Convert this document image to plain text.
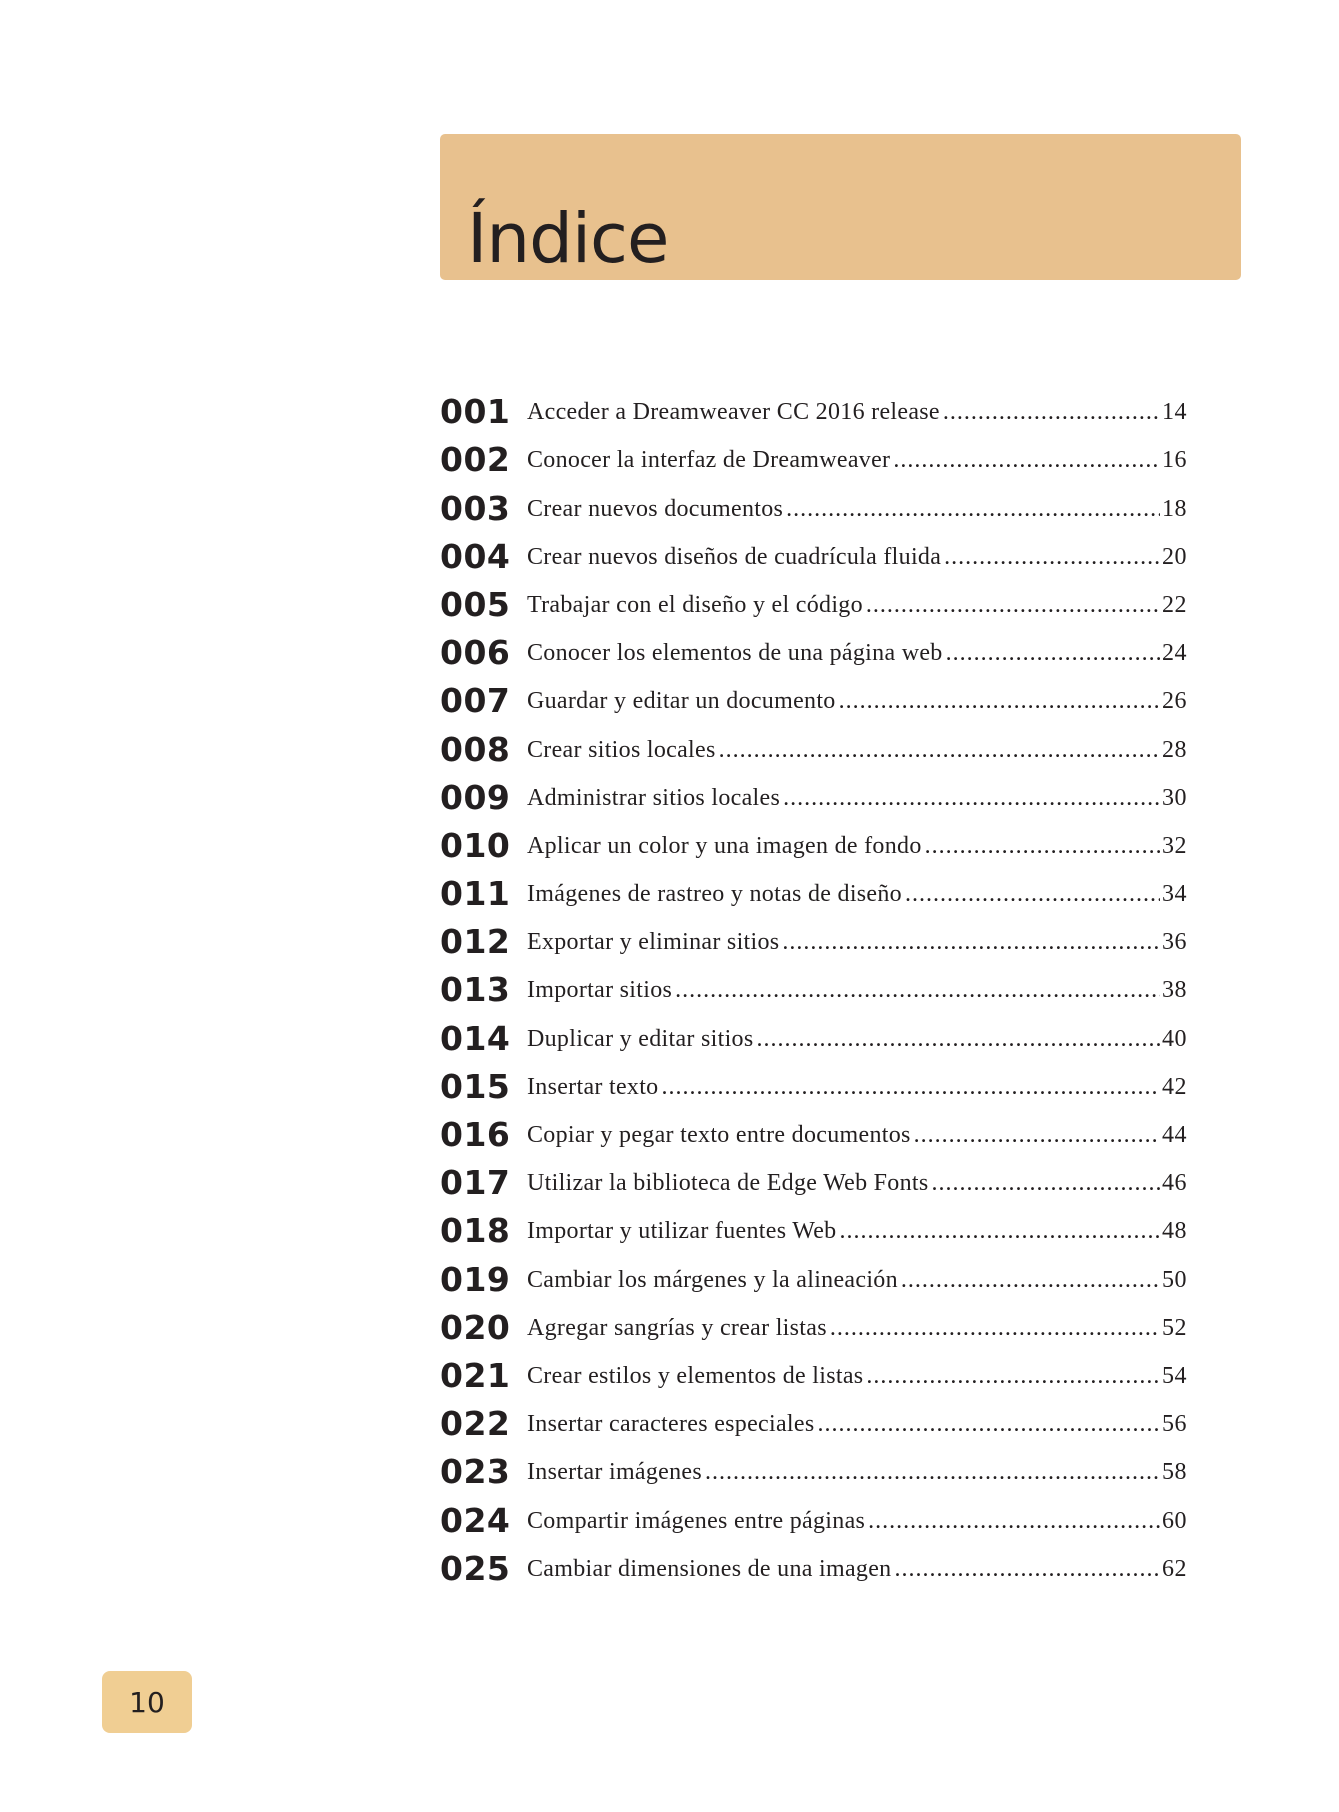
Índice
001 Acceder a Dreamweaver CC 2016 release .....	14
002 Conocer la interfaz de Dreamweaver .....	16
003 Crear nuevos documentos .....	18
004 Crear nuevos diseños de cuadrícula fluida .....	20
005 Trabajar con el diseño y el código .....	22
006 Conocer los elementos de una página web .....	24
007 Guardar y editar un documento .....	26
008 Crear sitios locales .....	28
009 Administrar sitios locales .....	30
010 Aplicar un color y una imagen de fondo .....	32
011 Imágenes de rastreo y notas de diseño .....	34
012 Exportar y eliminar sitios .....	36
013 Importar sitios .....	38
014 Duplicar y editar sitios .....	40
015 Insertar texto .....	42
016 Copiar y pegar texto entre documentos .....	44
017 Utilizar la biblioteca de Edge Web Fonts .....	46
018 Importar y utilizar fuentes Web .....	48
019 Cambiar los márgenes y la alineación .....	50
020 Agregar sangrías y crear listas .....	52
021 Crear estilos y elementos de listas .....	54
022 Insertar caracteres especiales .....	56
023 Insertar imágenes .....	58
024 Compartir imágenes entre páginas .....	60
025 Cambiar dimensiones de una imagen .....	62
10
